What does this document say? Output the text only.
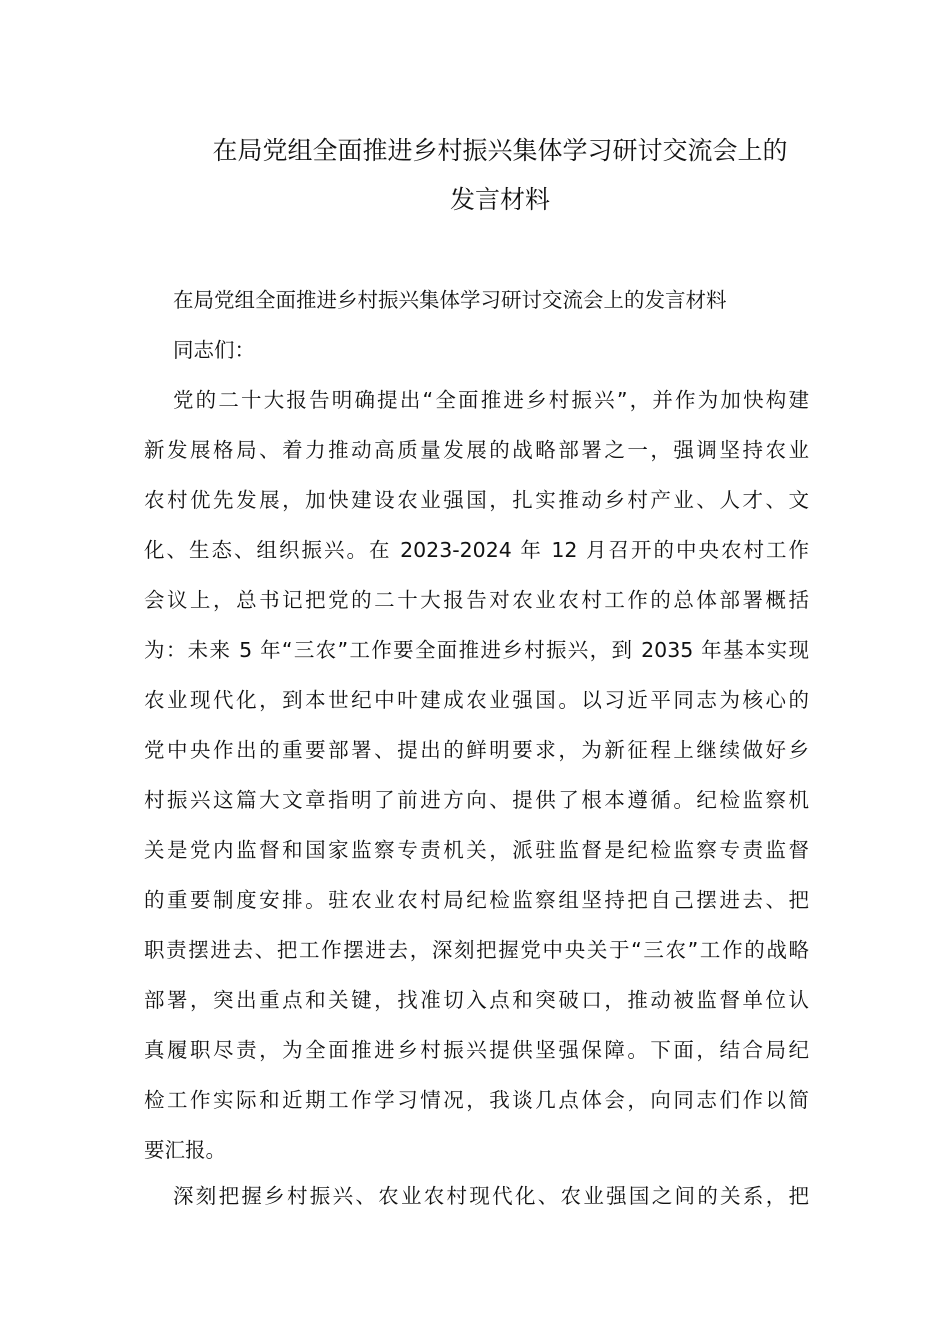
在局党组全面推进乡村振兴集体学习研讨交流会上的
发言材料
在局党组全面推进乡村振兴集体学习研讨交流会上的发言材料
同志们：
党的二十大报告明确提出“全面推进乡村振兴”，并作为加快构建
新发展格局、着力推动高质量发展的战略部署之一，强调坚持农业
农村优先发展，加快建设农业强国，扎实推动乡村产业、人才、文
化、生态、组织振兴。在 2023-2024 年 12 月召开的中央农村工作
会议上，总书记把党的二十大报告对农业农村工作的总体部署概括
为：未来 5 年“三农”工作要全面推进乡村振兴，到 2035 年基本实现
农业现代化，到本世纪中叶建成农业强国。以习近平同志为核心的
党中央作出的重要部署、提出的鲜明要求，为新征程上继续做好乡
村振兴这篇大文章指明了前进方向、提供了根本遵循。纪检监察机
关是党内监督和国家监察专责机关，派驻监督是纪检监察专责监督
的重要制度安排。驻农业农村局纪检监察组坚持把自己摆进去、把
职责摆进去、把工作摆进去，深刻把握党中央关于“三农”工作的战略
部署，突出重点和关键，找准切入点和突破口，推动被监督单位认
真履职尽责，为全面推进乡村振兴提供坚强保障。下面，结合局纪
检工作实际和近期工作学习情况，我谈几点体会，向同志们作以简
要汇报。
深刻把握乡村振兴、农业农村现代化、农业强国之间的关系，把
